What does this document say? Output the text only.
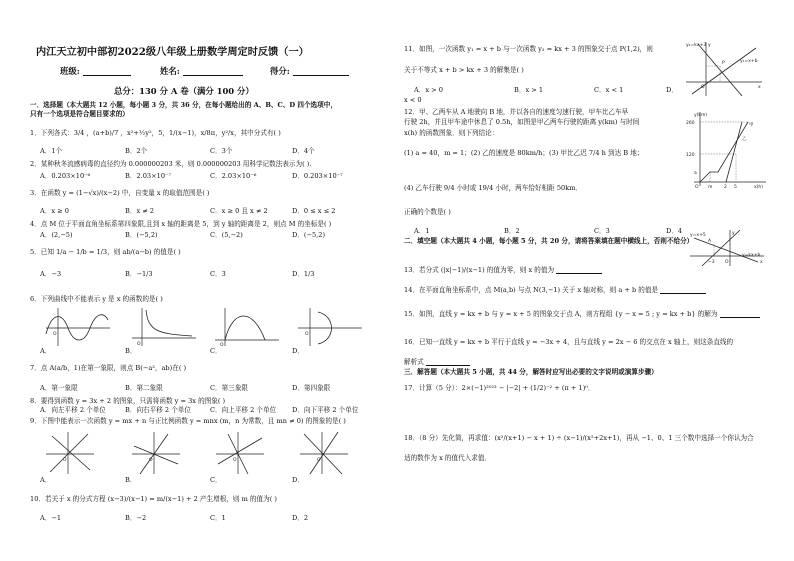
内江天立初中部初2022级八年级上册数学周定时反馈（一）
班级:	姓名:	得分:
总分：130 分 A 卷（满分 100 分）
一．选择题（本大题共 12 小题，每小题 3 分，共 36 分，在每小题给出的 A、B、C、D 四个选项中，
只有一个选项是符合题目要求的）
1．下列各式：3/4 ，(a+b)/7 ，x²+½y²，5，1/(x−1)，x/8π，y²/x，其中分式有( )
A．1个	B．2个	C．3个	D．4个
2．某种秋冬流感病毒的直径约为 0.000000203 米，则 0.000000203 用科学记数法表示为( ).
A．0.203×10⁻⁶	B．2.03×10⁻⁷	C．2.03×10⁻⁶	D．0.203×10⁻⁷
3．在函数 y = (1−√x)/(x−2) 中，自变量 x 的取值范围是( )
A．x ≥ 0	B．x ≠ 2	C．x ≥ 0 且 x ≠ 2	D．0 ≤ x ≤ 2
4．点 M 位于平面直角坐标系第四象限,且到 x 轴的距离是 5，到 y 轴的距离是 2，则点 M 的坐标是( )
A．(2,−5)	B．(−5,2)	C．(5,−2)	D．(−5,2)
5．已知 1/a − 1/b = 1/3，则 ab/(a−b) 的值是( )
A．−3	B．−1/3	C．3	D．1/3
6．下列曲线中不能表示 y 是 x 的函数的是( )
A．	B．	C．	D．
O
O	O
O
7．点 A(a/b，1)在第一象限，则点 B(−a²，ab)在( )
A．第一象限	B．第二象限	C．第三象限	D．第四象限
8．要得到函数 y = 3x + 2 的图象，只需将函数 y = 3x 的图象( )
A．向左平移 2 个单位	B．向右平移 2 个单位	C．向上平移 2 个单位 D．向下平移 2 个单位
9．下图中能表示一次函数 y = mx + n 与正比例函数 y = mnx (m，n 为常数，且 mn ≠ 0) 的图象的是( )
A．	B．	C．	D．
O	O	O	O
10．若关于 x 的分式方程 (x−3)/(x−1) = m/(x−1) + 2 产生增根，则 m 的值为( )
A．−1	B．−2	C．1	D．2
11．如图，一次函数 y₁ = x + b 与一次函数 y₂ = kx + 3 的图象交于点 P(1,2)，则
关于不等式 x + b > kx + 3 的解集是( )
A．x > 0	B．x > 1	C．x < 1	D．
x < 0
y₂=kx+3
y₁=x+b
P
O	x
y
12．甲、乙两车从 A 地驶向 B 地，并以各自的速度匀速行驶，甲车比乙车早
行驶 2h，并且甲车途中休息了 0.5h，如图是甲乙两车行驶的距离 y(km) 与时间
x(h) 的函数图象．则下列结论：
(1) a = 40，m = 1；(2) 乙的速度是 80km/h；(3) 甲比乙迟 7/4 h 到达 B 地；
(4) 乙车行驶 9/4 小时或 19/4 小时，两车恰好相距 50km．
正确的个数是( )
A．1	B．2	C．3	D．4
y(km)
260
120
a
O m	2 5	x(h)
甲
乙
二．填空题（本大题共 4 小题，每小题 5 分，共 20 分，请将答案填在题中横线上，否则不给分）
13．若分式 (|x|−1)/(x−1) 的值为零，则 x 的值为
14．在平面直角坐标系中，点 M(a,b) 与点 N(3,−1) 关于 x 轴对称，则 a + b 的值是
15．如图，直线 y = kx + b 与 y = x + 5 的图象交于点 A，则方程组 {y − x = 5 ; y = kx + b} 的解为
16．已知一直线 y = kx + b 平行于直线 y = −3x + 4，且与直线 y = 2x − 6 的交点在 x 轴上，则这条直线的
解析式
y=x+5
y=kx+b
A
−3 O	x
y
三．解答题（本大题共 5 小题，共 44 分，解答时应写出必要的文字说明或演算步骤）
17．计算（5 分）：2×(−1)²⁰²³ − |−2| + (1/2)⁻² + (π + 1)⁰．
18．（8 分）先化简，再求值：(x²/(x+1) − x + 1) ÷ (x−1)/(x²+2x+1)，再从 −1、0、1 三个数中选择一个你认为合
适的数作为 x 的值代入求值．
